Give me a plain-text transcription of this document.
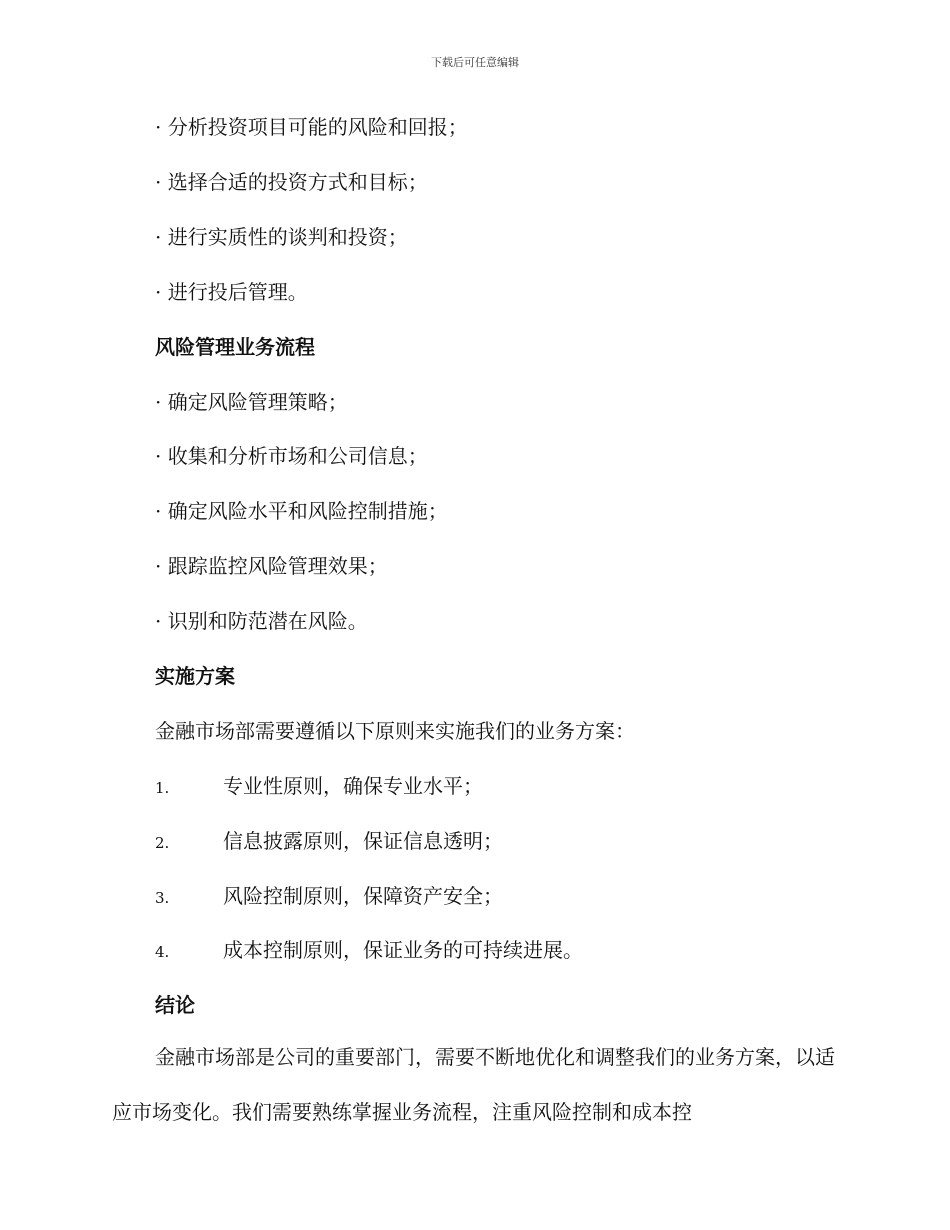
下载后可任意编辑
· 分析投资项目可能的风险和回报；
· 选择合适的投资方式和目标；
· 进行实质性的谈判和投资；
· 进行投后管理。
风险管理业务流程
· 确定风险管理策略；
· 收集和分析市场和公司信息；
· 确定风险水平和风险控制措施；
· 跟踪监控风险管理效果；
· 识别和防范潜在风险。
实施方案
金融市场部需要遵循以下原则来实施我们的业务方案：
1.	专业性原则，确保专业水平；
2.	信息披露原则，保证信息透明；
3.	风险控制原则，保障资产安全；
4.	成本控制原则，保证业务的可持续进展。
结论

金融市场部是公司的重要部门，需要不断地优化和调整我们的业务方案，以适应市场变化。我们需要熟练掌握业务流程，注重风险控制和成本控
